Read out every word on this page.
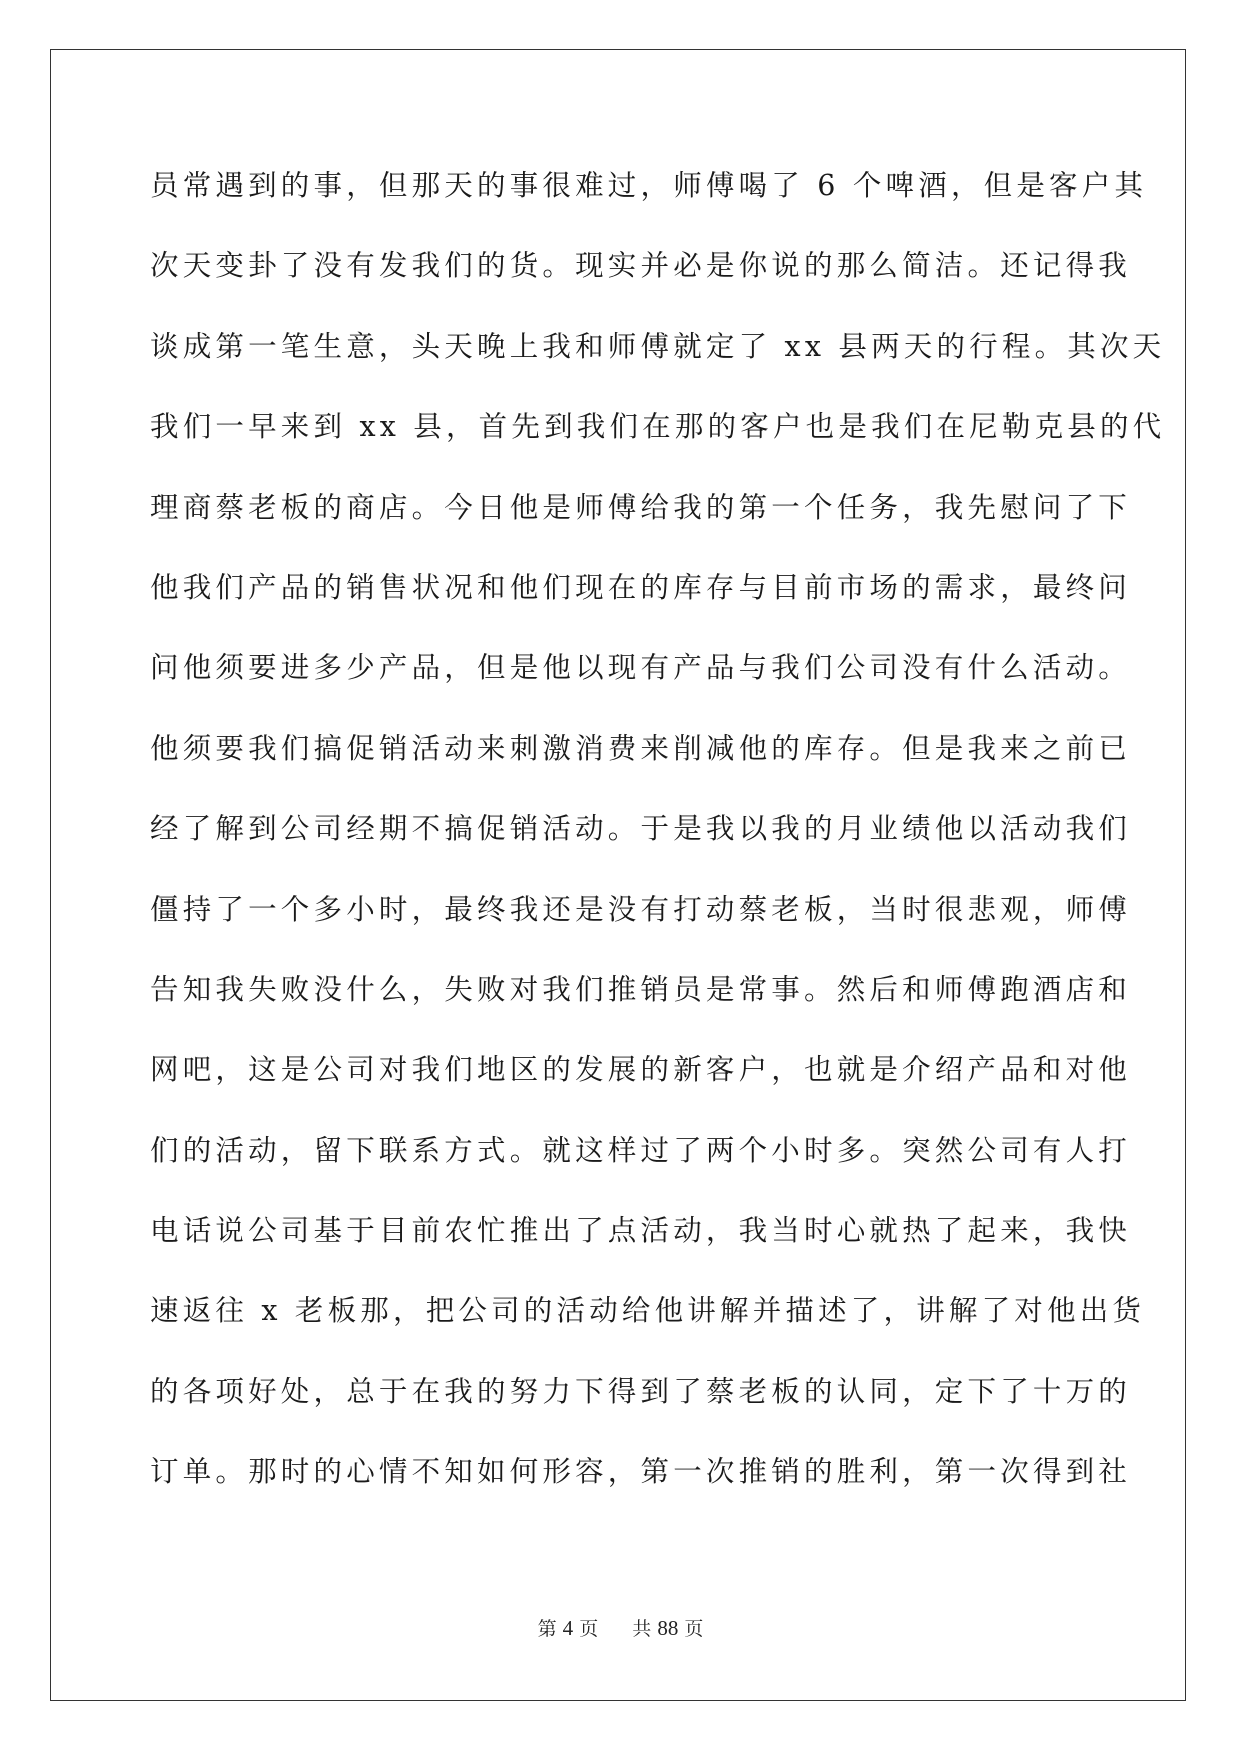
员常遇到的事，但那天的事很难过，师傅喝了 6 个啤酒，但是客户其
次天变卦了没有发我们的货。现实并必是你说的那么简洁。还记得我
谈成第一笔生意，头天晚上我和师傅就定了 xx 县两天的行程。其次天
我们一早来到 xx 县，首先到我们在那的客户也是我们在尼勒克县的代
理商蔡老板的商店。今日他是师傅给我的第一个任务，我先慰问了下
他我们产品的销售状况和他们现在的库存与目前市场的需求，最终问
问他须要进多少产品，但是他以现有产品与我们公司没有什么活动。
他须要我们搞促销活动来刺激消费来削减他的库存。但是我来之前已
经了解到公司经期不搞促销活动。于是我以我的月业绩他以活动我们
僵持了一个多小时，最终我还是没有打动蔡老板，当时很悲观，师傅
告知我失败没什么，失败对我们推销员是常事。然后和师傅跑酒店和
网吧，这是公司对我们地区的发展的新客户，也就是介绍产品和对他
们的活动，留下联系方式。就这样过了两个小时多。突然公司有人打
电话说公司基于目前农忙推出了点活动，我当时心就热了起来，我快
速返往 x 老板那，把公司的活动给他讲解并描述了，讲解了对他出货
的各项好处，总于在我的努力下得到了蔡老板的认同，定下了十万的
订单。那时的心情不知如何形容，第一次推销的胜利，第一次得到社
第 4 页 共 88 页
